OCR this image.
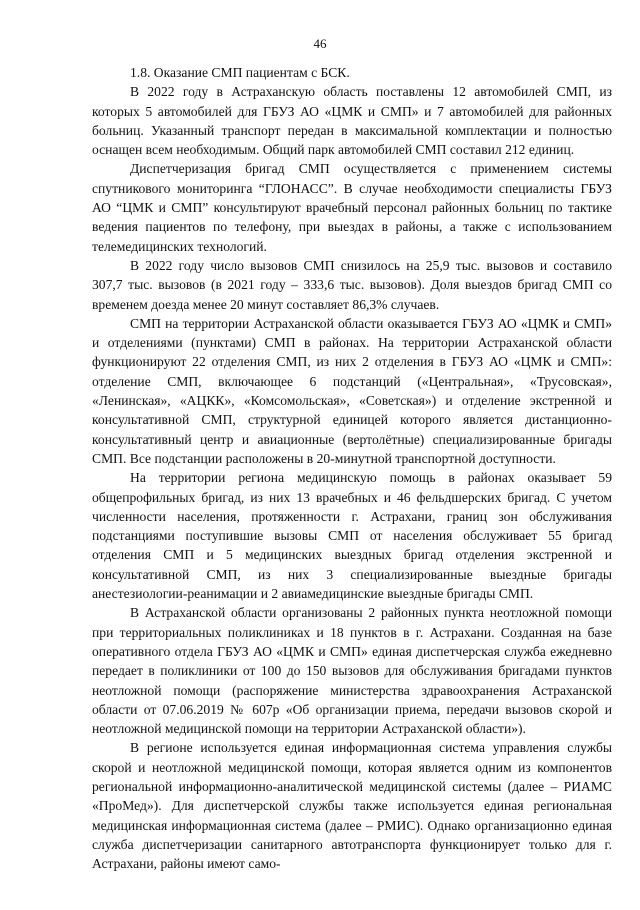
46

1.8. Оказание СМП пациентам с БСК.

В 2022 году в Астраханскую область поставлены 12 автомобилей СМП, из которых 5 автомобилей для ГБУЗ АО «ЦМК и СМП» и 7 автомобилей для районных больниц. Указанный транспорт передан в максимальной комплектации и полностью оснащен всем необходимым. Общий парк автомобилей СМП составил 212 единиц.

Диспетчеризация бригад СМП осуществляется с применением системы спутникового мониторинга “ГЛОНАСС”. В случае необходимости специалисты ГБУЗ АО “ЦМК и СМП” консультируют врачебный персонал районных больниц по тактике ведения пациентов по телефону, при выездах в районы, а также с использованием телемедицинских технологий.

В 2022 году число вызовов СМП снизилось на 25,9 тыс. вызовов и составило 307,7 тыс. вызовов (в 2021 году – 333,6 тыс. вызовов). Доля выездов бригад СМП со временем доезда менее 20 минут составляет 86,3% случаев.

СМП на территории Астраханской области оказывается ГБУЗ АО «ЦМК и СМП» и отделениями (пунктами) СМП в районах. На территории Астраханской области функционируют 22 отделения СМП, из них 2 отделения в ГБУЗ АО «ЦМК и СМП»: отделение СМП, включающее 6 подстанций («Центральная», «Трусовская», «Ленинская», «АЦКК», «Комсомольская», «Советская») и отделение экстренной и консультативной СМП, структурной единицей которого является дистанционно-консультативный центр и авиационные (вертолётные) специализированные бригады СМП. Все подстанции расположены в 20-минутной транспортной доступности.

На территории региона медицинскую помощь в районах оказывает 59 общепрофильных бригад, из них 13 врачебных и 46 фельдшерских бригад. С учетом численности населения, протяженности г. Астрахани, границ зон обслуживания подстанциями поступившие вызовы СМП от населения обслуживает 55 бригад отделения СМП и 5 медицинских выездных бригад отделения экстренной и консультативной СМП, из них 3 специализированные выездные бригады анестезиологии-реанимации и 2 авиамедицинские выездные бригады СМП.

В Астраханской области организованы 2 районных пункта неотложной помощи при территориальных поликлиниках и 18 пунктов в г. Астрахани. Созданная на базе оперативного отдела ГБУЗ АО «ЦМК и СМП» единая диспетчерская служба ежедневно передает в поликлиники от 100 до 150 вызовов для обслуживания бригадами пунктов неотложной помощи (распоряжение министерства здравоохранения Астраханской области от 07.06.2019 № 607р «Об организации приема, передачи вызовов скорой и неотложной медицинской помощи на территории Астраханской области»).

В регионе используется единая информационная система управления службы скорой и неотложной медицинской помощи, которая является одним из компонентов региональной информационно-аналитической медицинской системы (далее – РИАМС «ПроМед»). Для диспетчерской службы также используется единая региональная медицинская информационная система (далее – РМИС). Однако организационно единая служба диспетчеризации санитарного автотранспорта функционирует только для г. Астрахани, районы имеют само-
